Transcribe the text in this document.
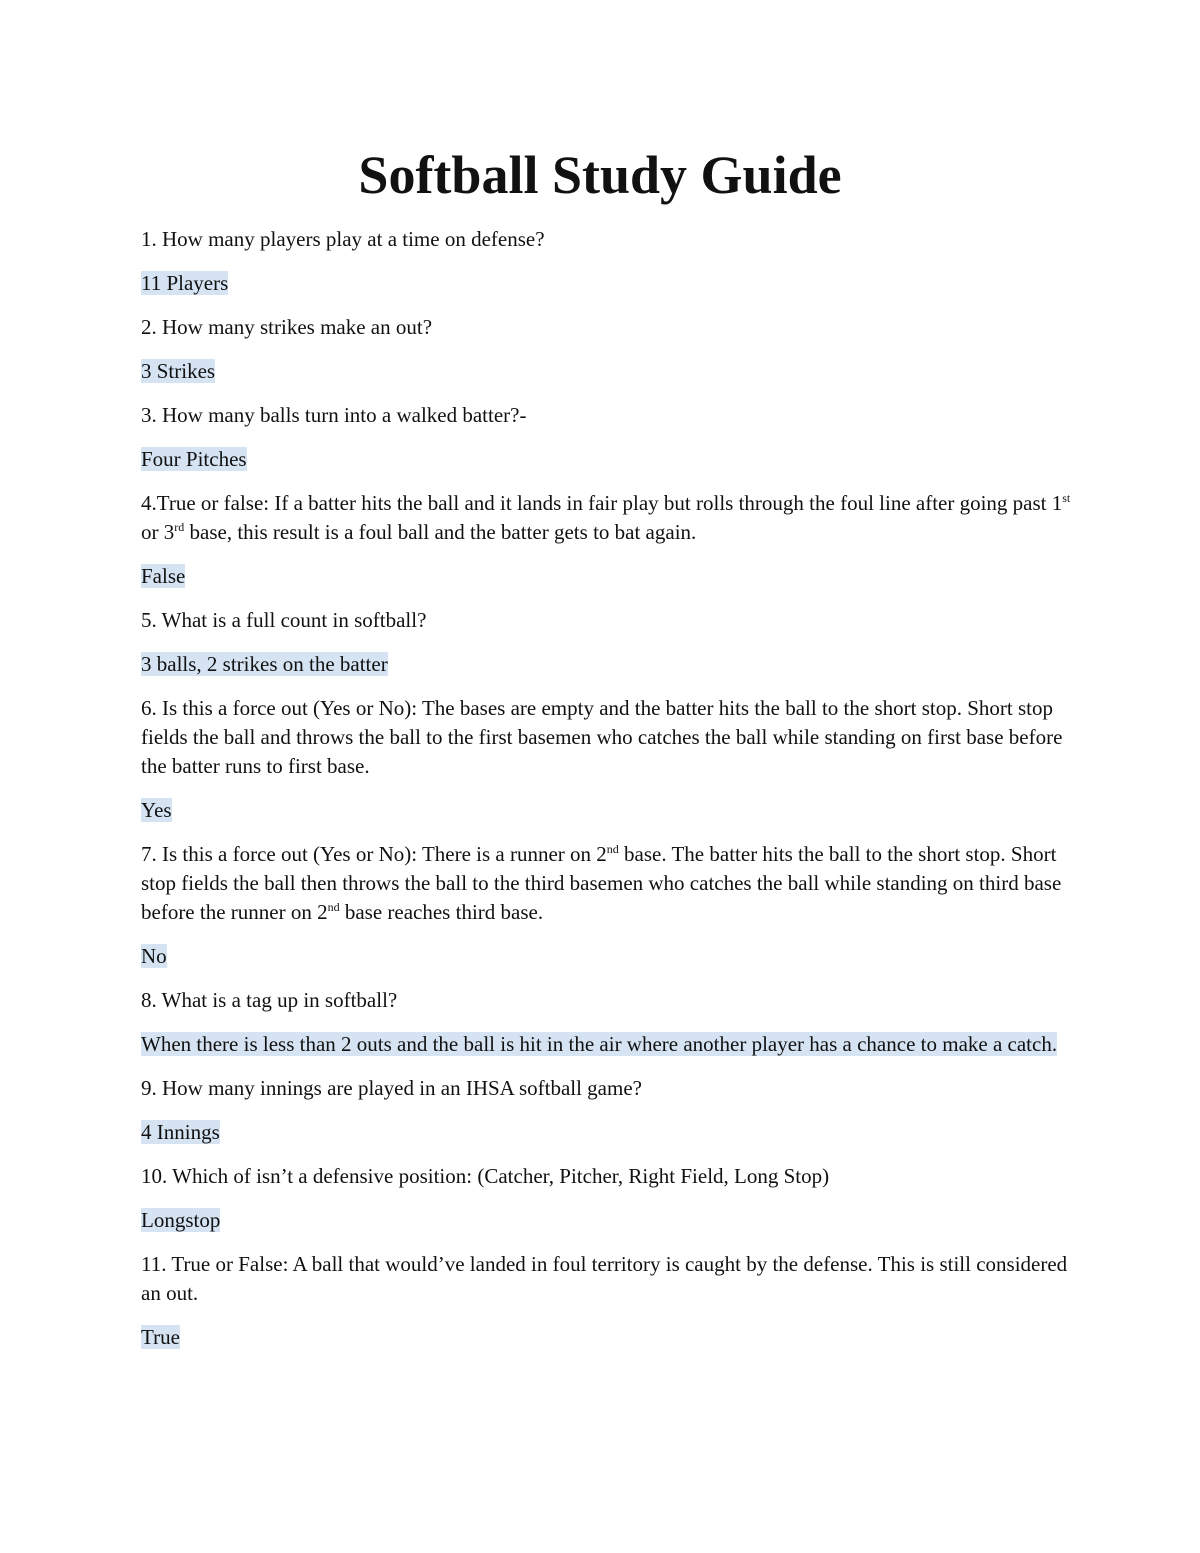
Softball Study Guide

1. How many players play at a time on defense?

11 Players

2. How many strikes make an out?

3 Strikes

3. How many balls turn into a walked batter?-

Four Pitches

4.True or false: If a batter hits the ball and it lands in fair play but rolls through the foul line after going past 1st or 3rd base, this result is a foul ball and the batter gets to bat again.

False

5. What is a full count in softball?

3 balls, 2 strikes on the batter

6. Is this a force out (Yes or No): The bases are empty and the batter hits the ball to the short stop. Short stop fields the ball and throws the ball to the first basemen who catches the ball while standing on first base before the batter runs to first base.

Yes

7. Is this a force out (Yes or No): There is a runner on 2nd base. The batter hits the ball to the short stop. Short stop fields the ball then throws the ball to the third basemen who catches the ball while standing on third base before the runner on 2nd base reaches third base.

No

8. What is a tag up in softball?

When there is less than 2 outs and the ball is hit in the air where another player has a chance to make a catch.

9. How many innings are played in an IHSA softball game?

4 Innings

10. Which of isn’t a defensive position: (Catcher, Pitcher, Right Field, Long Stop)

Longstop

11. True or False: A ball that would’ve landed in foul territory is caught by the defense. This is still considered an out.

True
